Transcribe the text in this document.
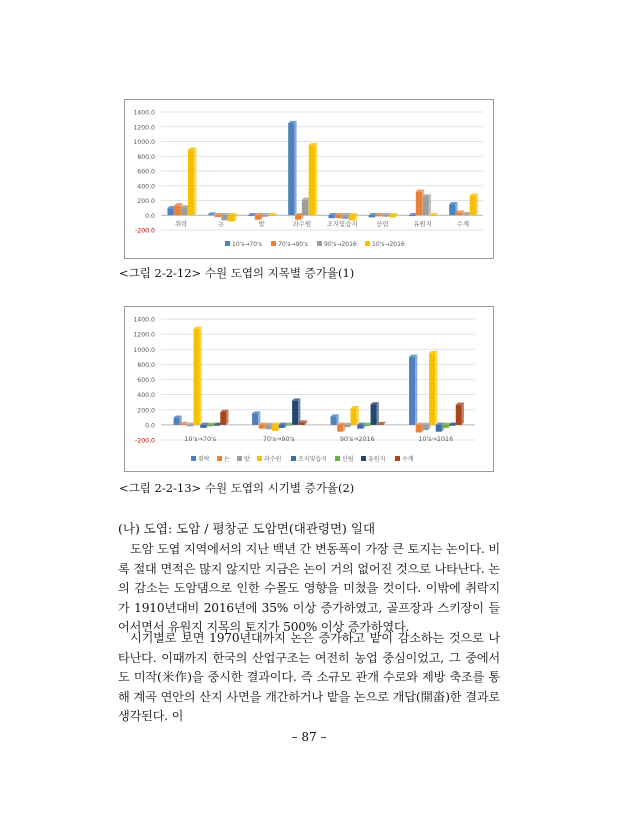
1400.0
1200.0
1000.0
800.0
600.0
400.0
200.0
0.0
-200.0
취락	논	밭	과수원 조지및습지	산림	유원지	수계
10's→70's	70's→90's	90's→2016	10's→2016
<그림 2-2-12> 수원 도엽의 지목별 증가율(1)
1400.0
1200.0
1000.0
800.0
600.0
400.0
200.0
0.0
-200.0	10's→70's	70's→90's	90's→2016	10's→2016
취락 논 밭 과수원	조지및습지	산림 유원지	수계
<그림 2-2-13> 수원 도엽의 시기별 증가율(2)
(나) 도엽: 도암 / 평창군 도암면(대관령면) 일대

도암 도엽 지역에서의 지난 백년 간 변동폭이 가장 큰 토지는 논이다. 비록 절대 면적은 많지 않지만 지금은 논이 거의 없어진 것으로 나타난다. 논의 감소는 도암댐으로 인한 수몰도 영향을 미쳤을 것이다. 이밖에 취락지가 1910년대비 2016년에 35% 이상 증가하였고, 골프장과 스키장이 들어서면서 유원지 지목의 토지가 500% 이상 증가하였다.

시기별로 보면 1970년대까지 논은 증가하고 밭이 감소하는 것으로 나타난다. 이때까지 한국의 산업구조는 여전히 농업 중심이었고, 그 중에서도 미작(米作)을 중시한 결과이다. 즉 소규모 관개 수로와 제방 축조를 통해 계곡 연안의 산지 사면을 개간하거나 밭을 논으로 개답(開畓)한 결과로 생각된다. 이

– 87 –
